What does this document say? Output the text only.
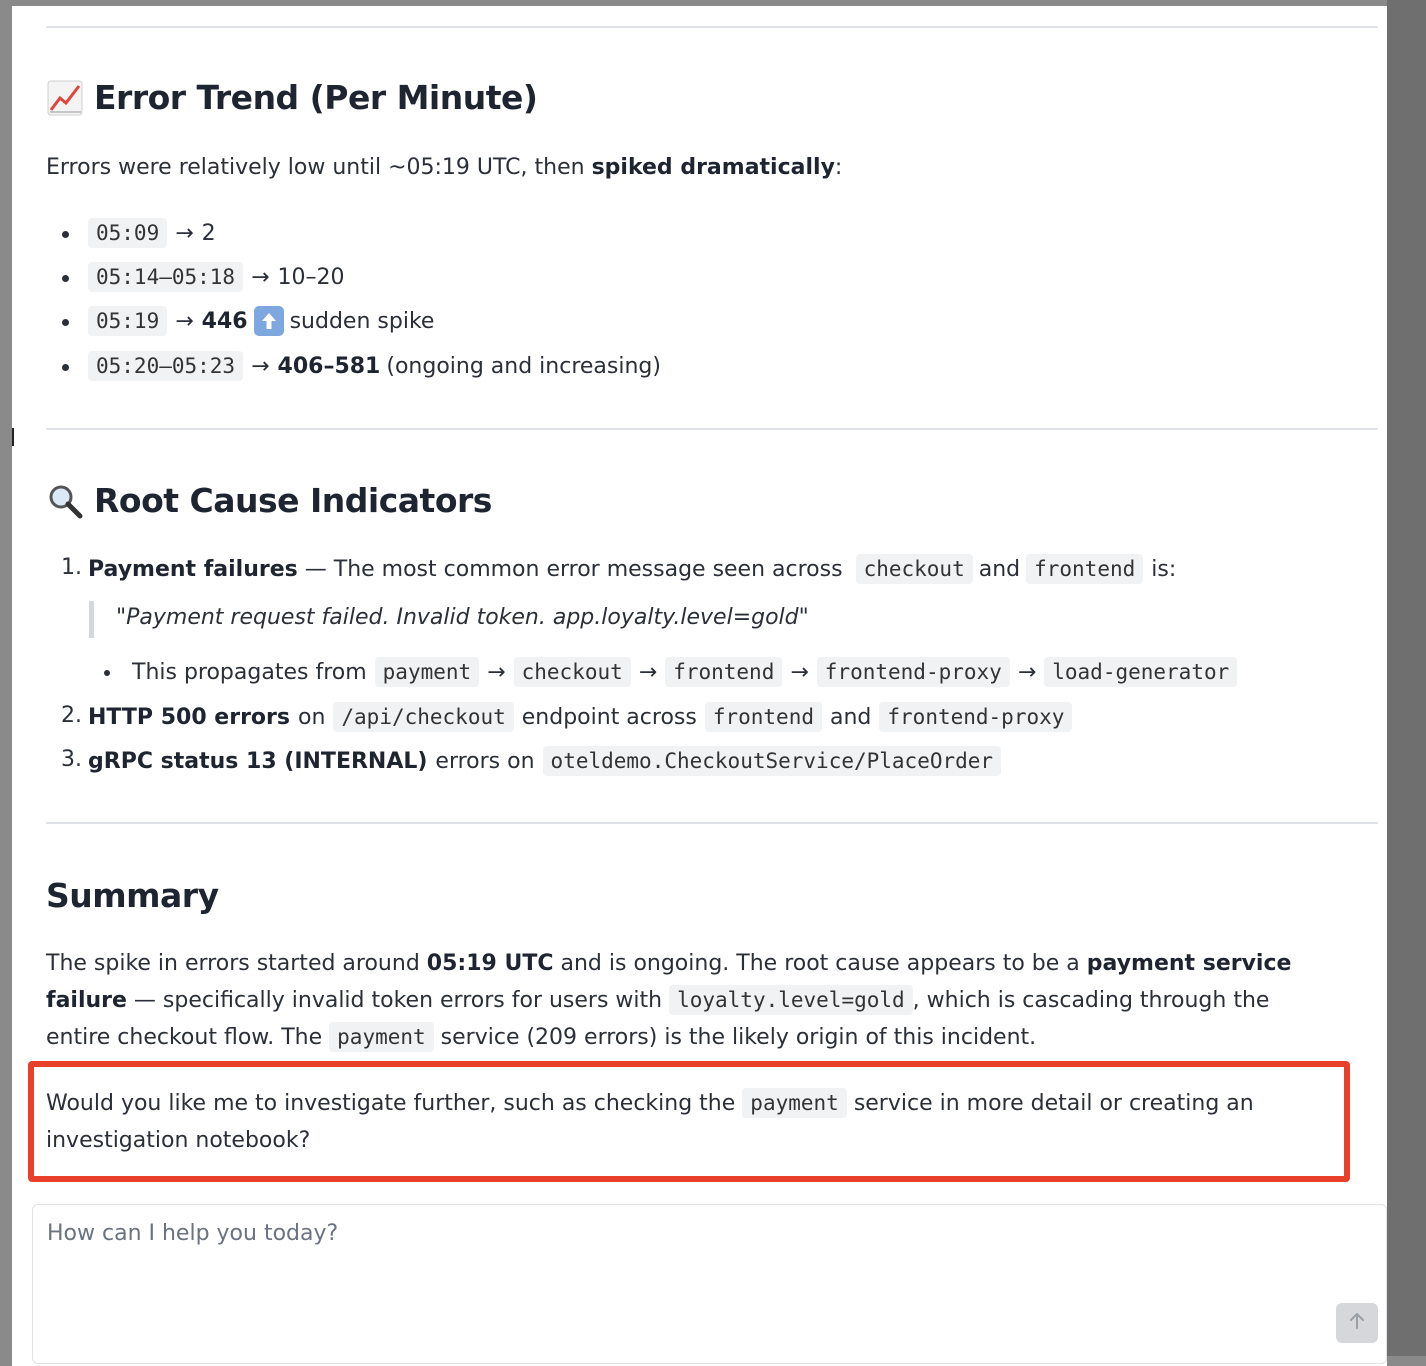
Error Trend (Per Minute)

Errors were relatively low until ~05:19 UTC, then spiked dramatically:

05:09 → 2
05:14–05:18 → 10–20
05:19 → 446 sudden spike
05:20–05:23 → 406–581 (ongoing and increasing)
Root Cause Indicators
1. Payment failures — The most common error message seen across checkout and frontend is:
"Payment request failed. Invalid token. app.loyalty.level=gold"
This propagates from payment → checkout → frontend → frontend-proxy → load-generator
2. HTTP 500 errors on /api/checkout endpoint across frontend and frontend-proxy
3. gRPC status 13 (INTERNAL) errors on oteldemo.CheckoutService/PlaceOrder
Summary

The spike in errors started around 05:19 UTC and is ongoing. The root cause appears to be a payment service

failure — specifically invalid token errors for users with loyalty.level=gold , which is cascading through the

entire checkout flow. The payment service (209 errors) is the likely origin of this incident.

Would you like me to investigate further, such as checking the payment service in more detail or creating an

investigation notebook?

How can I help you today?
